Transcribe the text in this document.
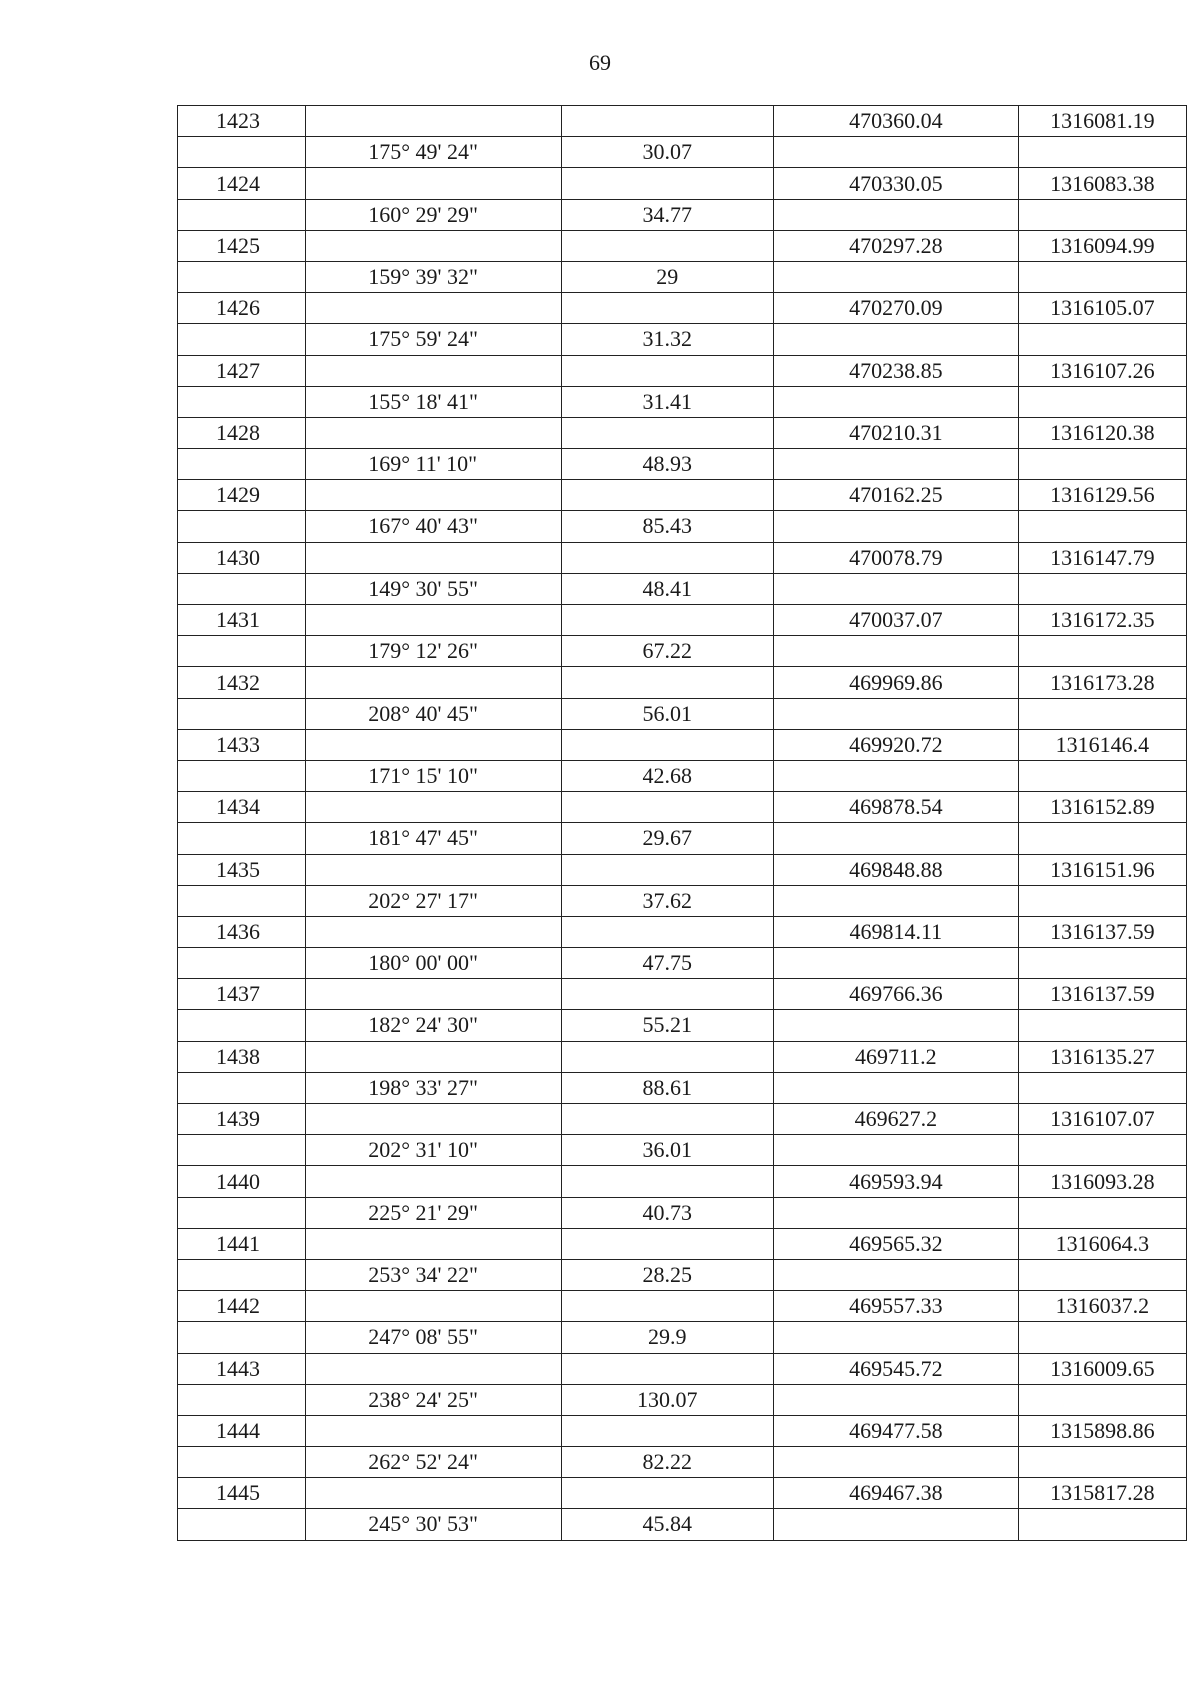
69
1423			470360.04	1316081.19
	175° 49' 24"	30.07		
1424			470330.05	1316083.38
	160° 29' 29"	34.77		
1425			470297.28	1316094.99
	159° 39' 32"	29		
1426			470270.09	1316105.07
	175° 59' 24"	31.32		
1427			470238.85	1316107.26
	155° 18' 41"	31.41		
1428			470210.31	1316120.38
	169° 11' 10"	48.93		
1429			470162.25	1316129.56
	167° 40' 43"	85.43		
1430			470078.79	1316147.79
	149° 30' 55"	48.41		
1431			470037.07	1316172.35
	179° 12' 26"	67.22		
1432			469969.86	1316173.28
	208° 40' 45"	56.01		
1433			469920.72	1316146.4
	171° 15' 10"	42.68		
1434			469878.54	1316152.89
	181° 47' 45"	29.67		
1435			469848.88	1316151.96
	202° 27' 17"	37.62		
1436			469814.11	1316137.59
	180° 00' 00"	47.75		
1437			469766.36	1316137.59
	182° 24' 30"	55.21		
1438			469711.2	1316135.27
	198° 33' 27"	88.61		
1439			469627.2	1316107.07
	202° 31' 10"	36.01		
1440			469593.94	1316093.28
	225° 21' 29"	40.73		
1441			469565.32	1316064.3
	253° 34' 22"	28.25		
1442			469557.33	1316037.2
	247° 08' 55"	29.9		
1443			469545.72	1316009.65
	238° 24' 25"	130.07		
1444			469477.58	1315898.86
	262° 52' 24"	82.22		
1445			469467.38	1315817.28
	245° 30' 53"	45.84		
